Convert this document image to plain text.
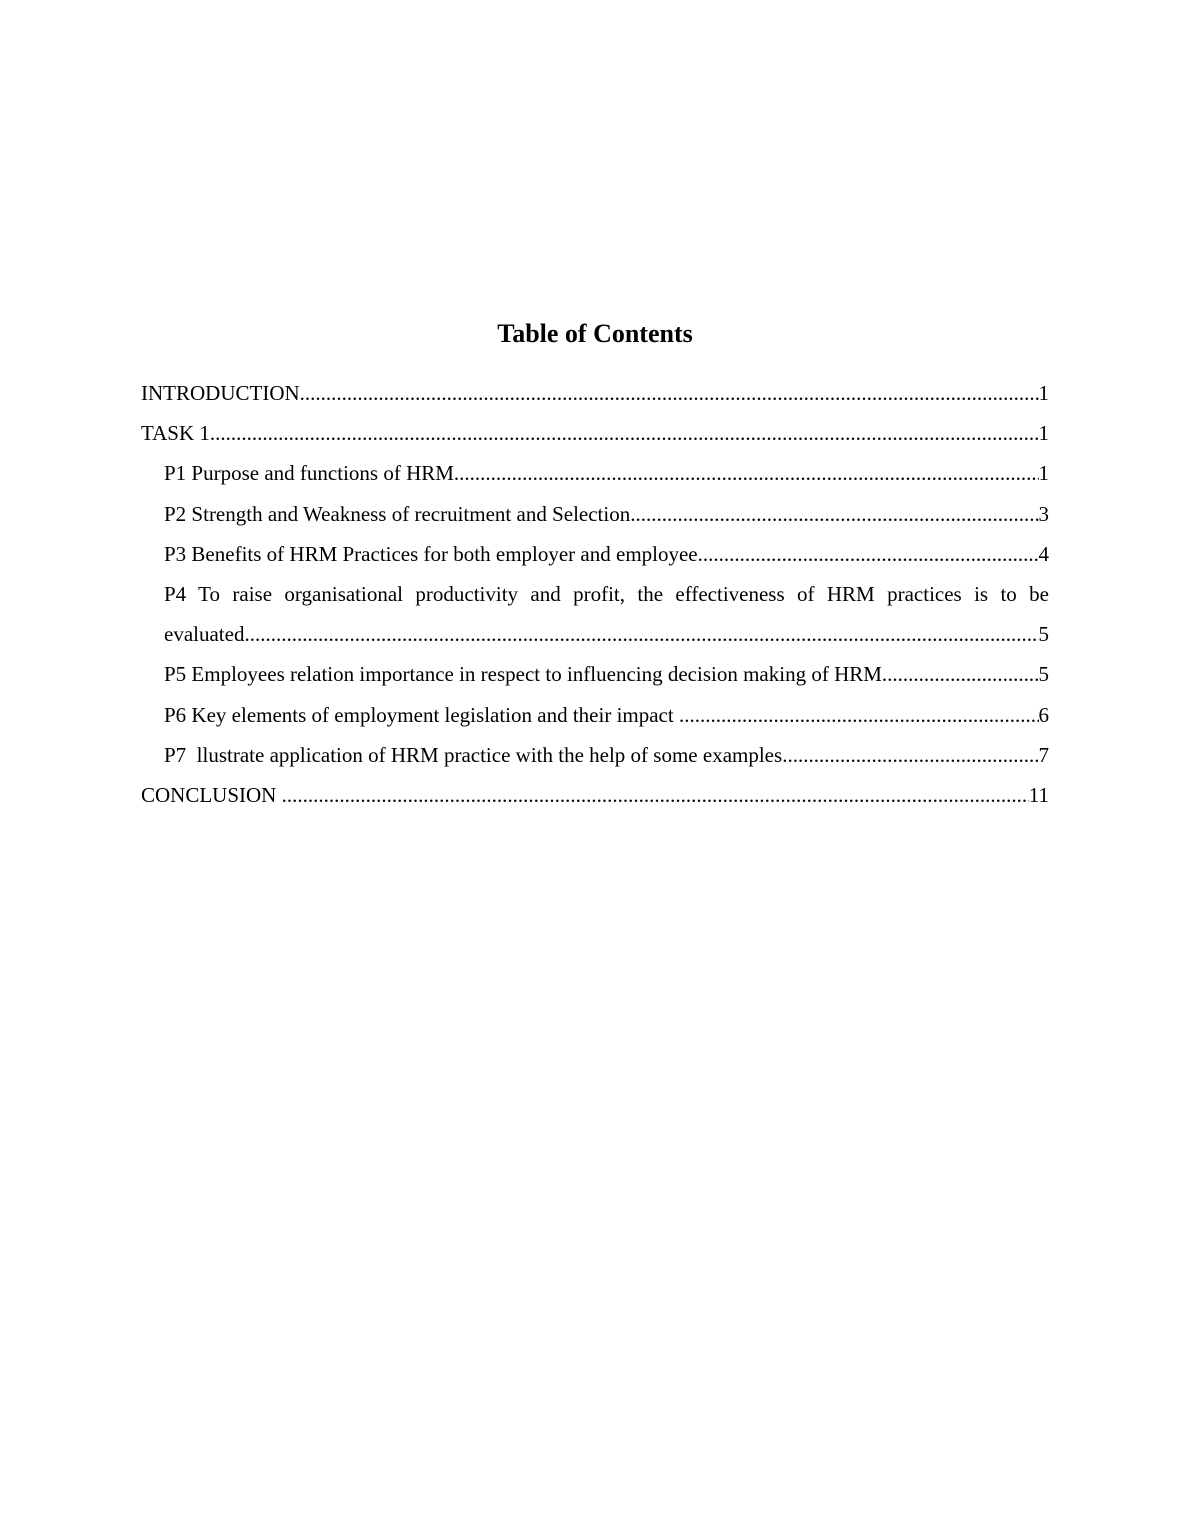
Table of Contents
INTRODUCTION .....	1
TASK 1 .....	1
P1 Purpose and functions of HRM .....	1
P2 Strength and Weakness of recruitment and Selection .....	3
P3 Benefits of HRM Practices for both employer and employee .....	4
P4 To raise organisational productivity and profit, the effectiveness of HRM practices is to be
evaluated .....	5
P5 Employees relation importance in respect to influencing decision making of HRM .....	5
P6 Key elements of employment legislation and their impact .....	6
P7  llustrate application of HRM practice with the help of some examples .....	7
CONCLUSION .....	11
